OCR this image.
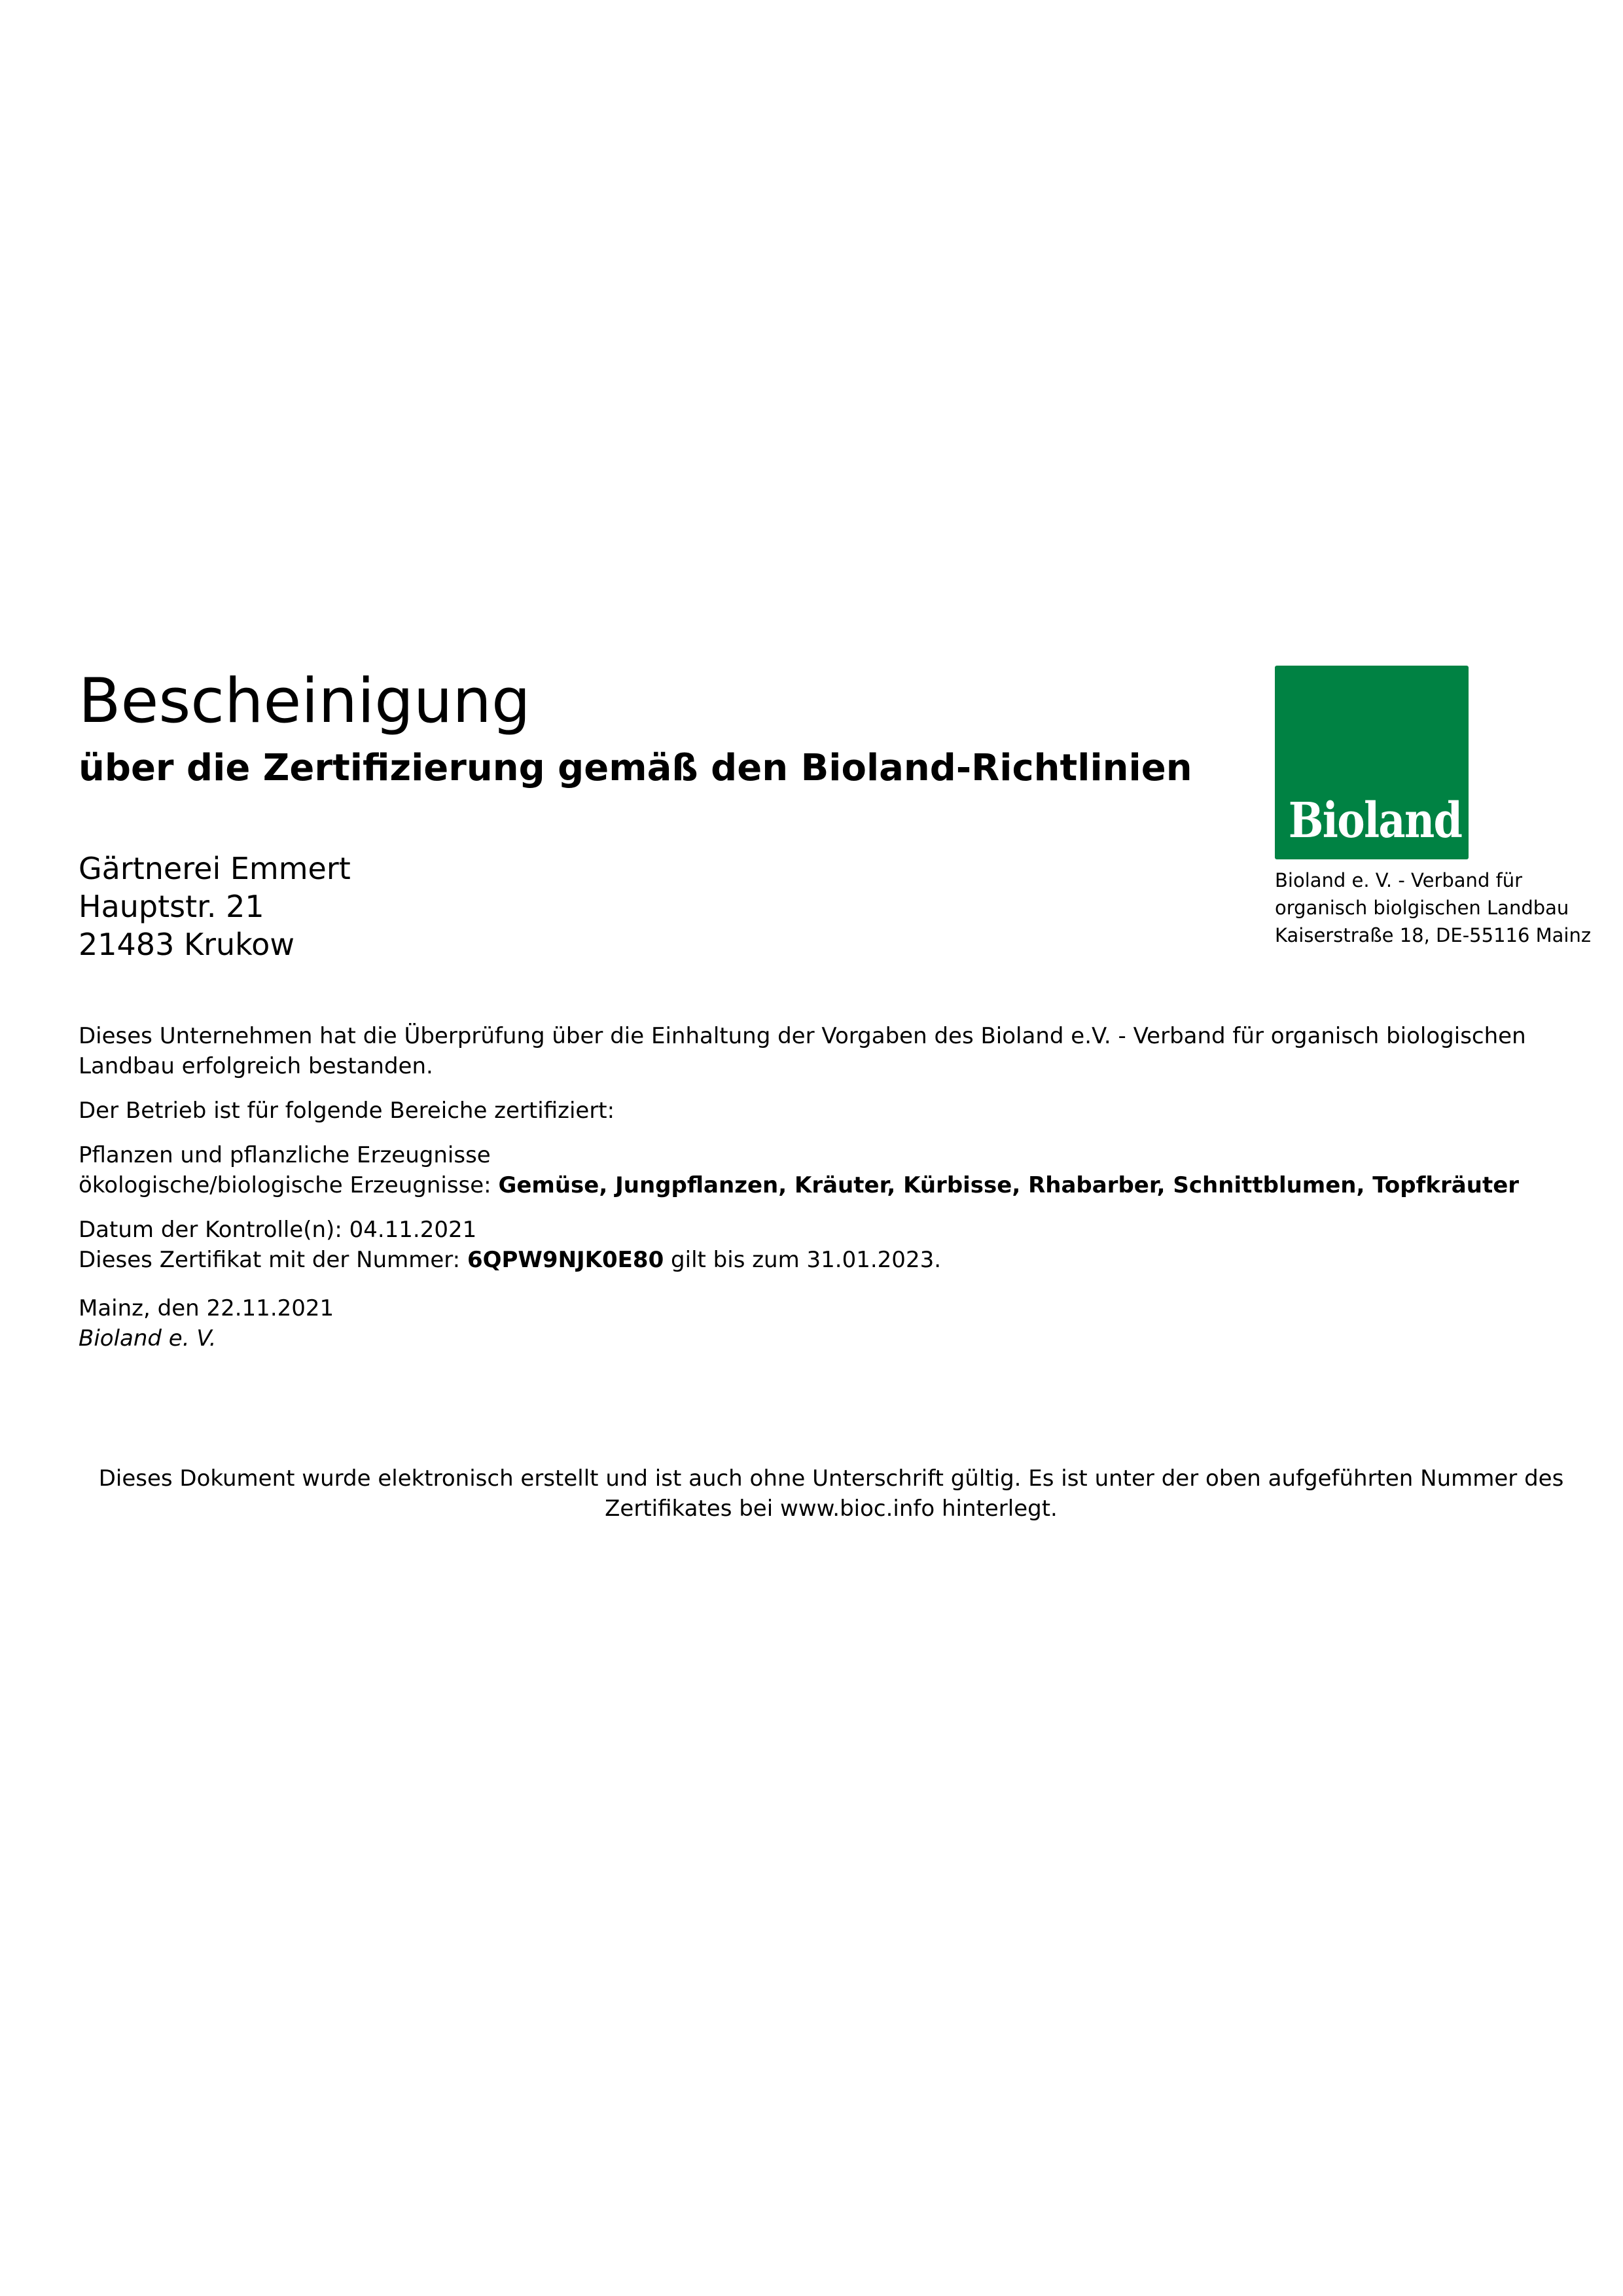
Bescheinigung
über die Zertifizierung gemäß den Bioland-Richtlinien
Gärtnerei Emmert
Hauptstr. 21
21483 Krukow
Bioland
Bioland e. V. - Verband für
organisch biolgischen Landbau
Kaiserstraße 18, DE-55116 Mainz

Dieses Unternehmen hat die Überprüfung über die Einhaltung der Vorgaben des Bioland e.V. - Verband für organisch biologischen Landbau erfolgreich bestanden.

Der Betrieb ist für folgende Bereiche zertifiziert:

Pflanzen und pflanzliche Erzeugnisse
ökologische/biologische Erzeugnisse: Gemüse, Jungpflanzen, Kräuter, Kürbisse, Rhabarber, Schnittblumen, Topfkräuter
Datum der Kontrolle(n): 04.11.2021
Dieses Zertifikat mit der Nummer: 6QPW9NJK0E80 gilt bis zum 31.01.2023.
Mainz, den 22.11.2021
Bioland e. V.
Dieses Dokument wurde elektronisch erstellt und ist auch ohne Unterschrift gültig. Es ist unter der oben aufgeführten Nummer des
Zertifikates bei www.bioc.info hinterlegt.
